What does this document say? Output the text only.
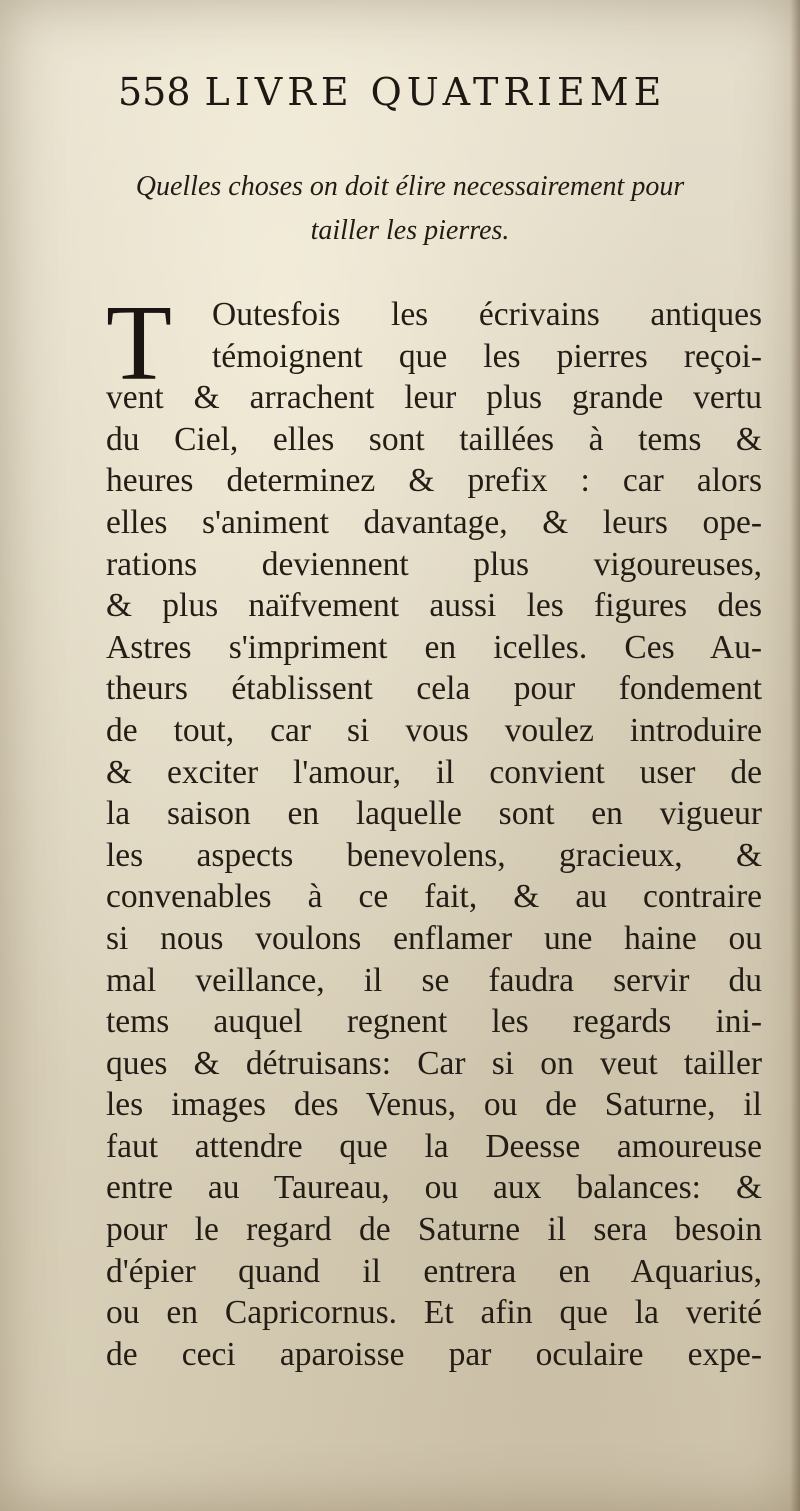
558 LIVRE QUATRIEME
Quelles choses on doit élire necessairement pour
tailler les pierres.
T	Outesfois les écrivains antiques
témoignent que les pierres reçoi-
vent & arrachent leur plus grande vertu
du Ciel, elles sont taillées à tems &
heures determinez & prefix : car alors
elles s'animent davantage, & leurs ope-
rations deviennent plus vigoureuses,
& plus naïfvement aussi les figures des
Astres s'impriment en icelles. Ces Au-
theurs établissent cela pour fondement
de tout, car si vous voulez introduire
& exciter l'amour, il convient user de
la saison en laquelle sont en vigueur
les aspects benevolens, gracieux, &
convenables à ce fait, & au contraire
si nous voulons enflamer une haine ou
mal veillance, il se faudra servir du
tems auquel regnent les regards ini-
ques & détruisans: Car si on veut tailler
les images des Venus, ou de Saturne, il
faut attendre que la Deesse amoureuse
entre au Taureau, ou aux balances: &
pour le regard de Saturne il sera besoin
d'épier quand il entrera en Aquarius,
ou en Capricornus. Et afin que la verité
de ceci aparoisse par oculaire expe-
